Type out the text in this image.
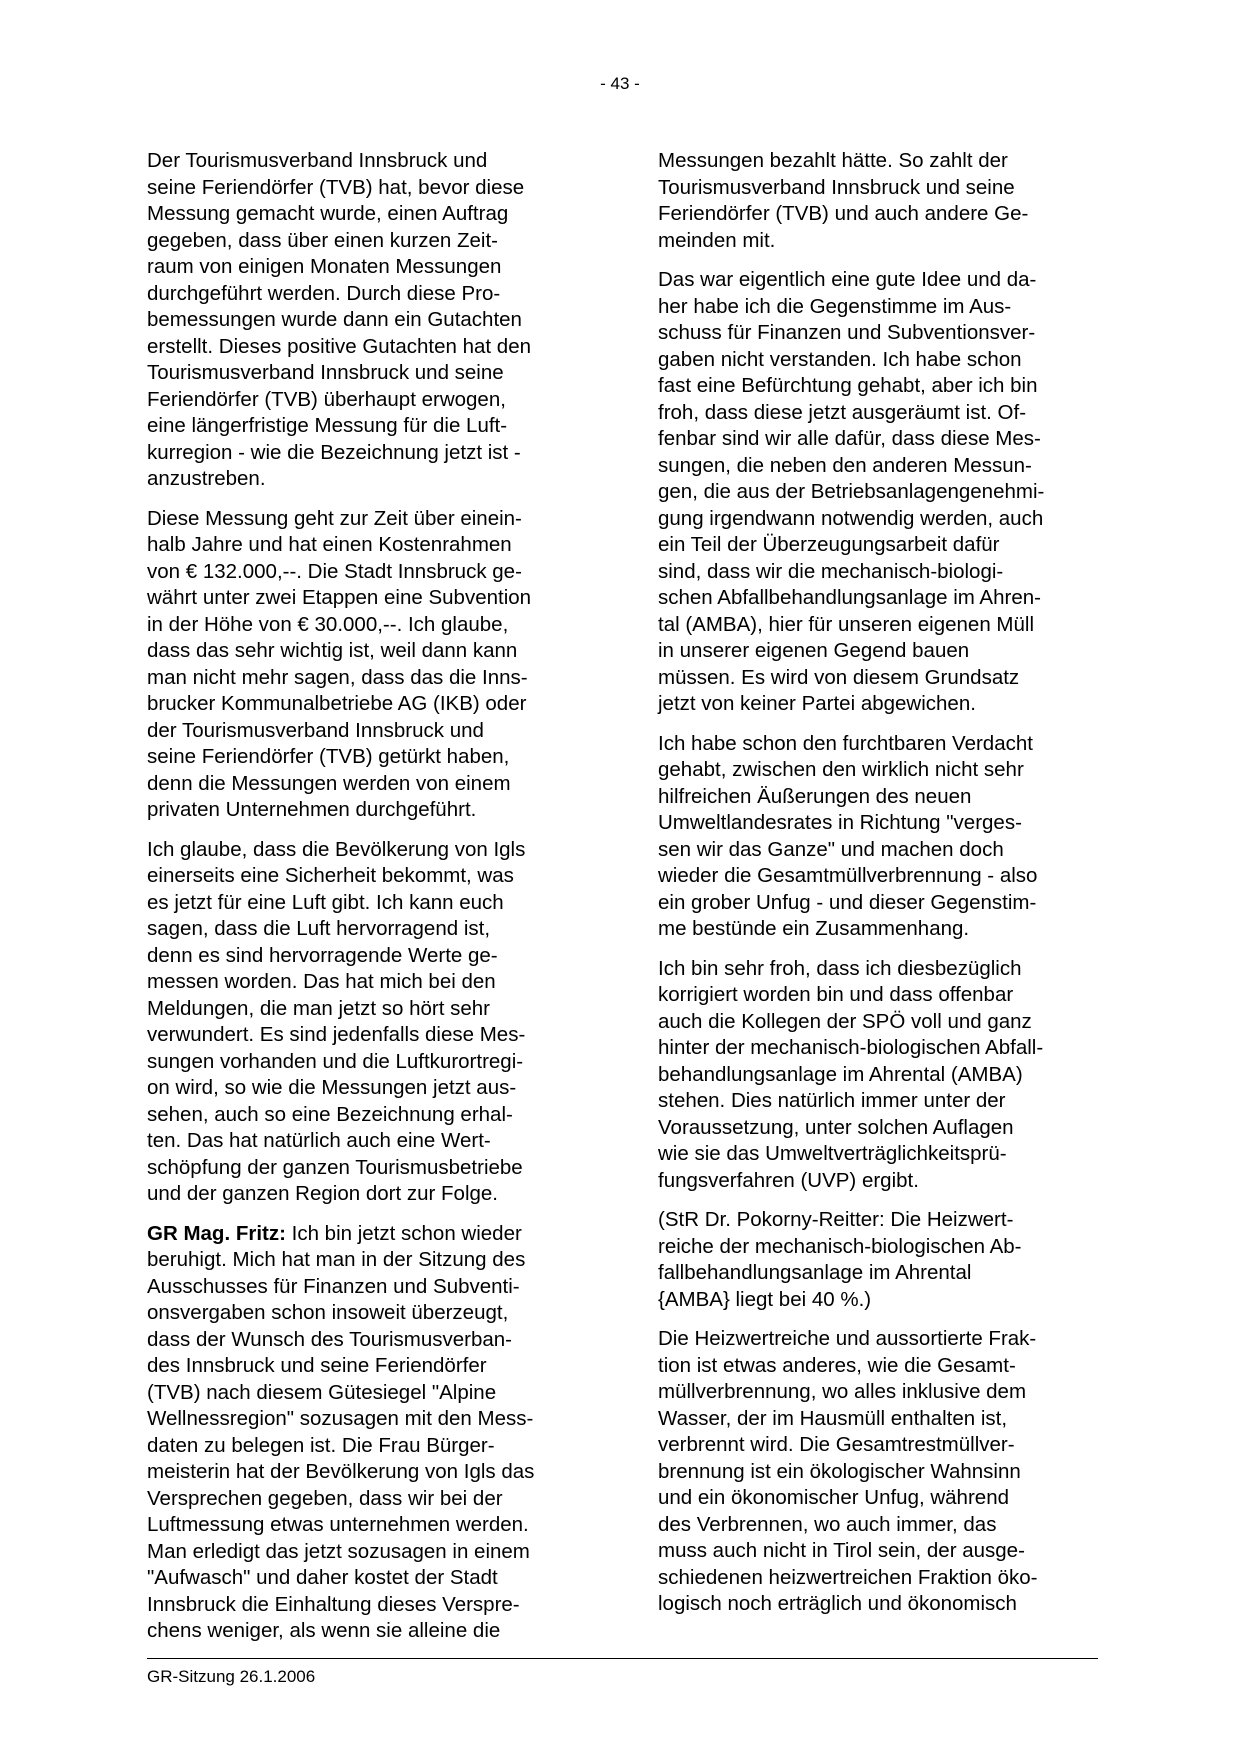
- 43 -

Der Tourismusverband Innsbruck und
seine Feriendörfer (TVB) hat, bevor diese
Messung gemacht wurde, einen Auftrag
gegeben, dass über einen kurzen Zeit-
raum von einigen Monaten Messungen
durchgeführt werden. Durch diese Pro-
bemessungen wurde dann ein Gutachten
erstellt. Dieses positive Gutachten hat den
Tourismusverband Innsbruck und seine
Feriendörfer (TVB) überhaupt erwogen,
eine längerfristige Messung für die Luft-
kurregion - wie die Bezeichnung jetzt ist -
anzustreben.

Diese Messung geht zur Zeit über einein-
halb Jahre und hat einen Kostenrahmen
von € 132.000,--. Die Stadt Innsbruck ge-
währt unter zwei Etappen eine Subvention
in der Höhe von € 30.000,--. Ich glaube,
dass das sehr wichtig ist, weil dann kann
man nicht mehr sagen, dass das die Inns-
brucker Kommunalbetriebe AG (IKB) oder
der Tourismusverband Innsbruck und
seine Feriendörfer (TVB) getürkt haben,
denn die Messungen werden von einem
privaten Unternehmen durchgeführt.

Ich glaube, dass die Bevölkerung von Igls
einerseits eine Sicherheit bekommt, was
es jetzt für eine Luft gibt. Ich kann euch
sagen, dass die Luft hervorragend ist,
denn es sind hervorragende Werte ge-
messen worden. Das hat mich bei den
Meldungen, die man jetzt so hört sehr
verwundert. Es sind jedenfalls diese Mes-
sungen vorhanden und die Luftkurortregi-
on wird, so wie die Messungen jetzt aus-
sehen, auch so eine Bezeichnung erhal-
ten. Das hat natürlich auch eine Wert-
schöpfung der ganzen Tourismusbetriebe
und der ganzen Region dort zur Folge.

GR Mag. Fritz: Ich bin jetzt schon wieder
beruhigt. Mich hat man in der Sitzung des
Ausschusses für Finanzen und Subventi-
onsvergaben schon insoweit überzeugt,
dass der Wunsch des Tourismusverban-
des Innsbruck und seine Feriendörfer
(TVB) nach diesem Gütesiegel "Alpine
Wellnessregion" sozusagen mit den Mess-
daten zu belegen ist. Die Frau Bürger-
meisterin hat der Bevölkerung von Igls das
Versprechen gegeben, dass wir bei der
Luftmessung etwas unternehmen werden.
Man erledigt das jetzt sozusagen in einem
"Aufwasch" und daher kostet der Stadt
Innsbruck die Einhaltung dieses Verspre-
chens weniger, als wenn sie alleine die

Messungen bezahlt hätte. So zahlt der
Tourismusverband Innsbruck und seine
Feriendörfer (TVB) und auch andere Ge-
meinden mit.

Das war eigentlich eine gute Idee und da-
her habe ich die Gegenstimme im Aus-
schuss für Finanzen und Subventionsver-
gaben nicht verstanden. Ich habe schon
fast eine Befürchtung gehabt, aber ich bin
froh, dass diese jetzt ausgeräumt ist. Of-
fenbar sind wir alle dafür, dass diese Mes-
sungen, die neben den anderen Messun-
gen, die aus der Betriebsanlagengenehmi-
gung irgendwann notwendig werden, auch
ein Teil der Überzeugungsarbeit dafür
sind, dass wir die mechanisch-biologi-
schen Abfallbehandlungsanlage im Ahren-
tal (AMBA), hier für unseren eigenen Müll
in unserer eigenen Gegend bauen
müssen. Es wird von diesem Grundsatz
jetzt von keiner Partei abgewichen.

Ich habe schon den furchtbaren Verdacht
gehabt, zwischen den wirklich nicht sehr
hilfreichen Äußerungen des neuen
Umweltlandesrates in Richtung "verges-
sen wir das Ganze" und machen doch
wieder die Gesamtmüllverbrennung - also
ein grober Unfug - und dieser Gegenstim-
me bestünde ein Zusammenhang.

Ich bin sehr froh, dass ich diesbezüglich
korrigiert worden bin und dass offenbar
auch die Kollegen der SPÖ voll und ganz
hinter der mechanisch-biologischen Abfall-
behandlungsanlage im Ahrental (AMBA)
stehen. Dies natürlich immer unter der
Voraussetzung, unter solchen Auflagen
wie sie das Umweltverträglichkeitsprü-
fungsverfahren (UVP) ergibt.

(StR Dr. Pokorny-Reitter: Die Heizwert-
reiche der mechanisch-biologischen Ab-
fallbehandlungsanlage im Ahrental
{AMBA} liegt bei 40 %.)

Die Heizwertreiche und aussortierte Frak-
tion ist etwas anderes, wie die Gesamt-
müllverbrennung, wo alles inklusive dem
Wasser, der im Hausmüll enthalten ist,
verbrennt wird. Die Gesamtrestmüllver-
brennung ist ein ökologischer Wahnsinn
und ein ökonomischer Unfug, während
des Verbrennen, wo auch immer, das
muss auch nicht in Tirol sein, der ausge-
schiedenen heizwertreichen Fraktion öko-
logisch noch erträglich und ökonomisch

GR-Sitzung 26.1.2006
